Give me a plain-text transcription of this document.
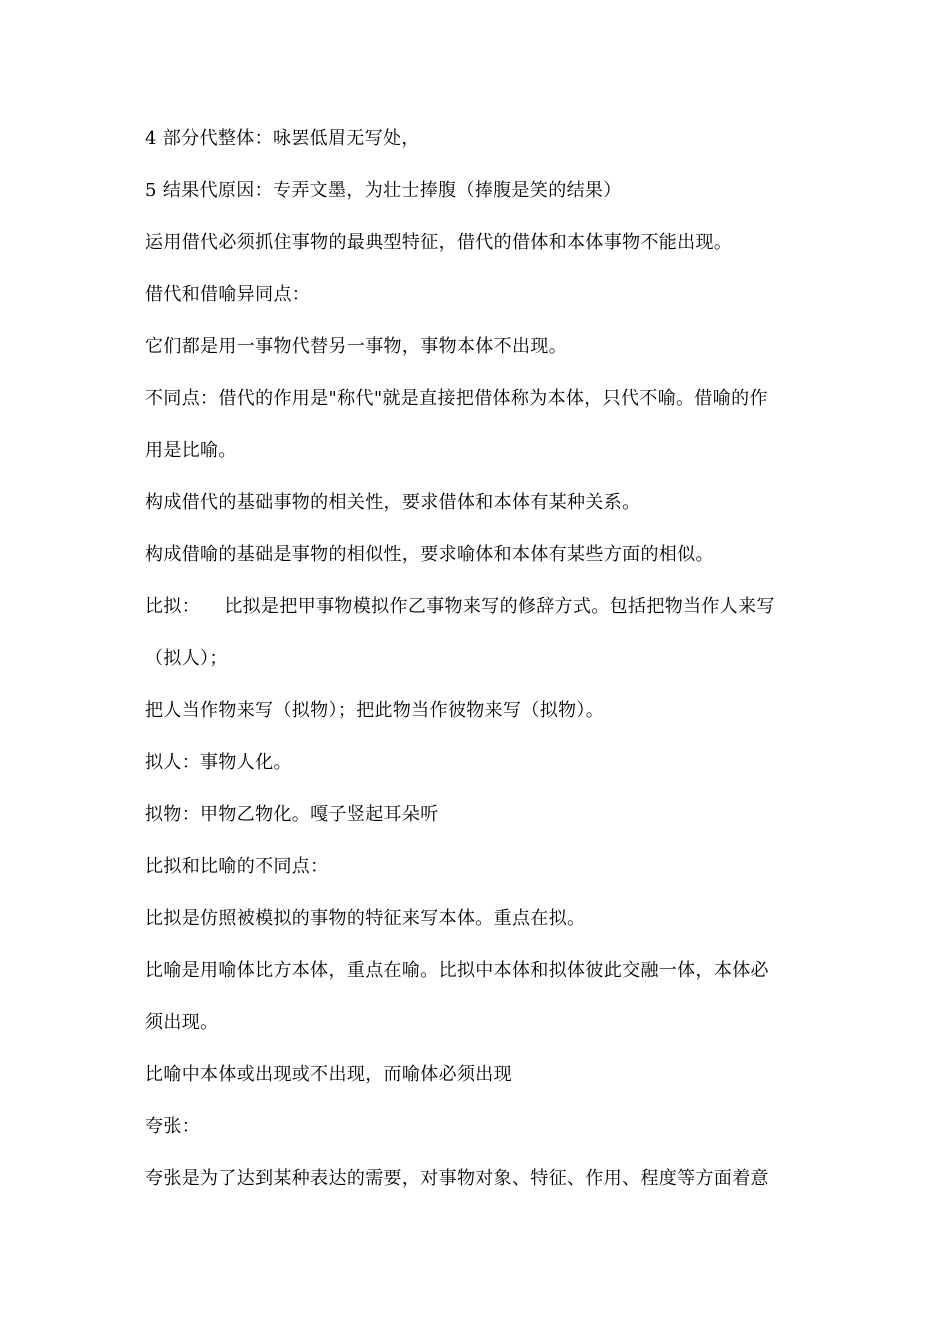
4 部分代整体：咏罢低眉无写处，
5 结果代原因：专弄文墨，为壮士捧腹（捧腹是笑的结果）
运用借代必须抓住事物的最典型特征，借代的借体和本体事物不能出现。
借代和借喻异同点：
它们都是用一事物代替另一事物，事物本体不出现。
不同点：借代的作用是"称代"就是直接把借体称为本体，只代不喻。借喻的作
用是比喻。
构成借代的基础事物的相关性，要求借体和本体有某种关系。
构成借喻的基础是事物的相似性，要求喻体和本体有某些方面的相似。
比拟：    比拟是把甲事物模拟作乙事物来写的修辞方式。包括把物当作人来写
（拟人）；
把人当作物来写（拟物）；把此物当作彼物来写（拟物）。
拟人：事物人化。
拟物：甲物乙物化。嘎子竖起耳朵听
比拟和比喻的不同点：
比拟是仿照被模拟的事物的特征来写本体。重点在拟。
比喻是用喻体比方本体，重点在喻。比拟中本体和拟体彼此交融一体，本体必
须出现。
比喻中本体或出现或不出现，而喻体必须出现
夸张：
夸张是为了达到某种表达的需要，对事物对象、特征、作用、程度等方面着意
